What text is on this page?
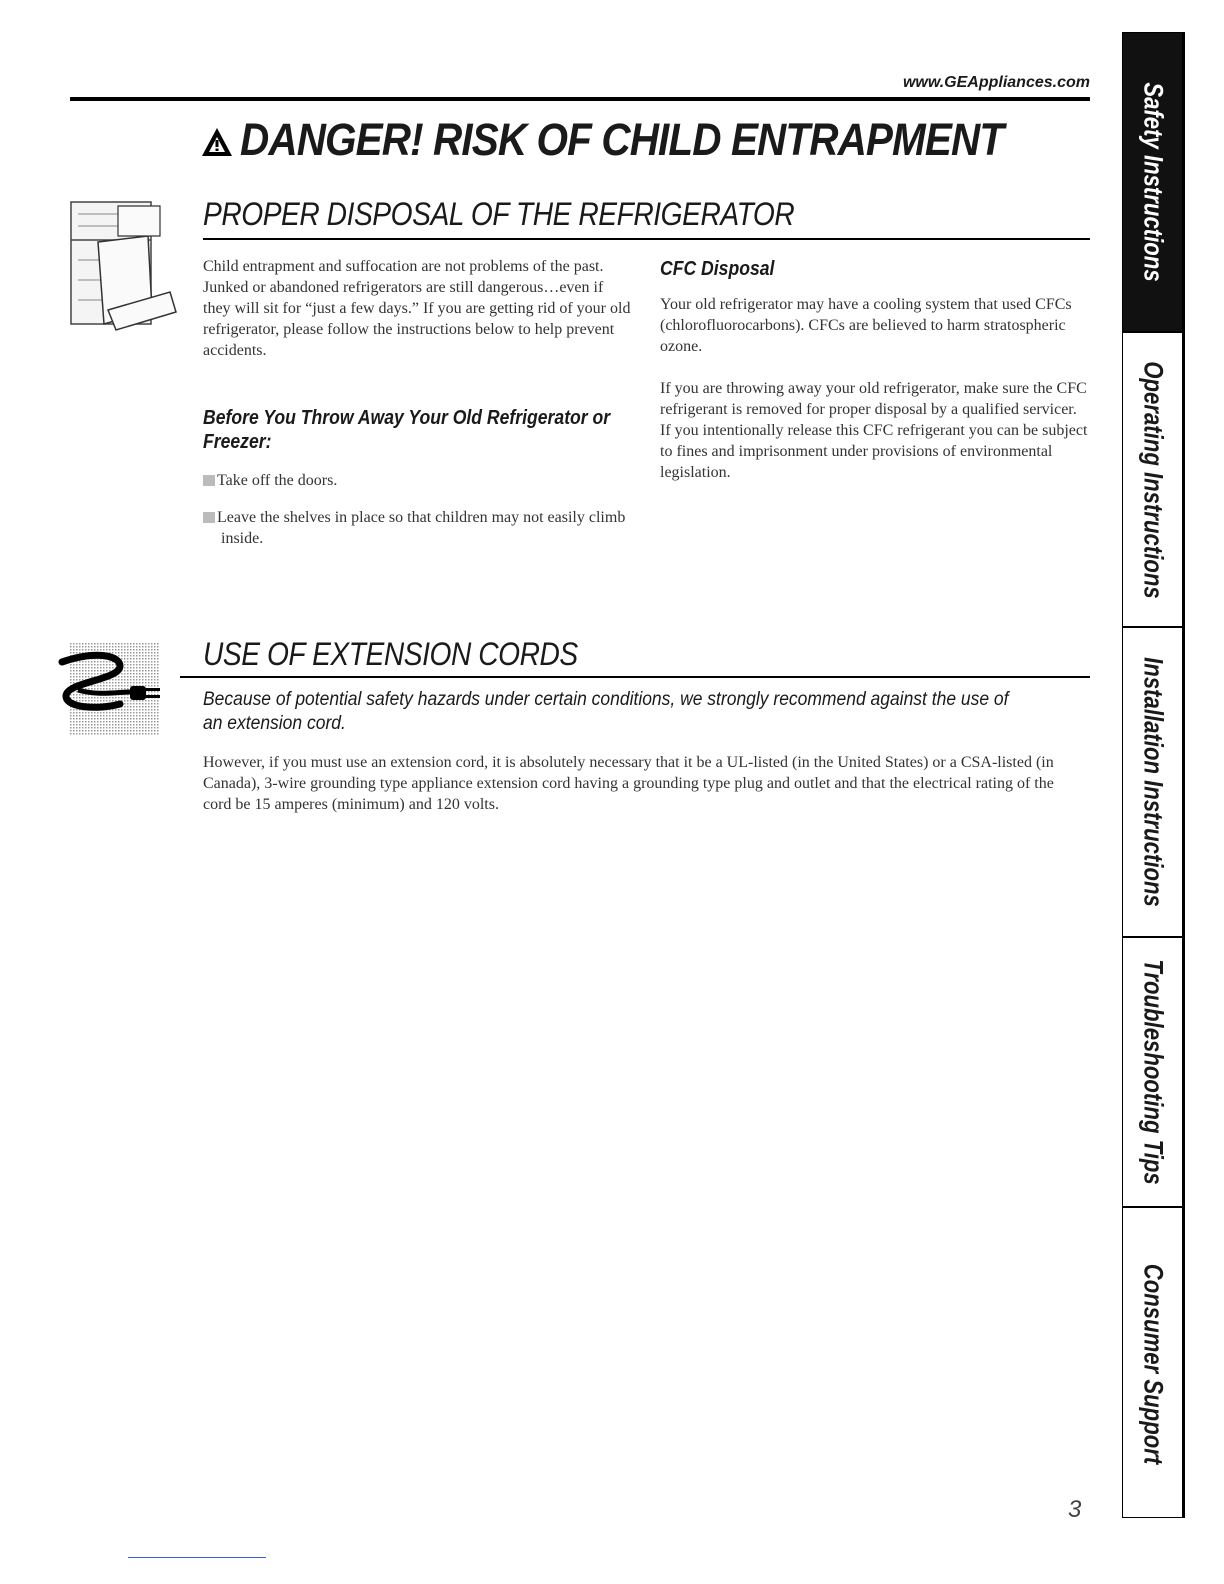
www.GEAppliances.com
DANGER! RISK OF CHILD ENTRAPMENT
PROPER DISPOSAL OF THE REFRIGERATOR
Child entrapment and suffocation are not problems of the past. Junked or abandoned refrigerators are still dangerous…even if they will sit for “just a few days.” If you are getting rid of your old refrigerator, please follow the instructions below to help prevent accidents.
Before You Throw Away Your Old Refrigerator or Freezer:
Take off the doors.
Leave the shelves in place so that children may not easily climb inside.
CFC Disposal
Your old refrigerator may have a cooling system that used CFCs (chlorofluorocarbons). CFCs are believed to harm stratospheric ozone.
If you are throwing away your old refrigerator, make sure the CFC refrigerant is removed for proper disposal by a qualified servicer. If you intentionally release this CFC refrigerant you can be subject to fines and imprisonment under provisions of environmental legislation.
USE OF EXTENSION CORDS
Because of potential safety hazards under certain conditions, we strongly recommend against the use of an extension cord.
However, if you must use an extension cord, it is absolutely necessary that it be a UL-listed (in the United States) or a CSA-listed (in Canada), 3-wire grounding type appliance extension cord having a grounding type plug and outlet and that the electrical rating of the cord be 15 amperes (minimum) and 120 volts.
Safety Instructions
Operating Instructions
Installation Instructions
Troubleshooting Tips
Consumer Support
3
